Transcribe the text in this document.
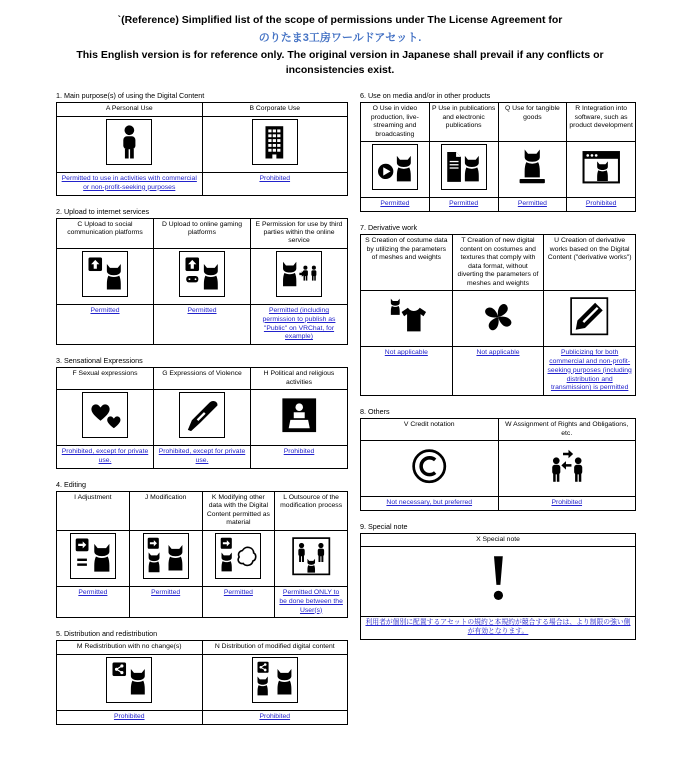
`(Reference) Simplified list of the scope of permissions under The License Agreement for
のりたま3工房ワールドアセット.
This English version is for reference only. The original version in Japanese shall prevail if any conflicts or inconsistencies exist.
1. Main purpose(s) of using the Digital Content
A Personal Use	B Corporate Use

Permitted to use in activities with commercial or non-profit-seeking purposes	Prohibited
2. Upload to internet services
C Upload to social communication platforms	D Upload to online gaming platforms	E Permission for use by third parties within the online service

Permitted	Permitted	Permitted (including permission to publish as "Public" on VRChat, for example)
3. Sensational Expressions
F Sexual expressions	G Expressions of Violence	H Political and religious activities

Prohibited, except for private use.	Prohibited, except for private use.	Prohibited
4. Editing
I Adjustment	J Modification	K Modifying other data with the Digital Content permitted as material	L Outsource of the modification process

Permitted	Permitted	Permitted	Permitted ONLY to be done between the User(s)
5. Distribution and redistribution
M Redistribution with no change(s)	N Distribution of modified digital content

Prohibited	Prohibited
6. Use on media and/or in other products
O Use in video production, live-streaming and broadcasting	P Use in publications and electronic publications	Q Use for tangible goods	R Integration into software, such as product development

Permitted	Permitted	Permitted	Prohibited
7. Derivative work
S Creation of costume data by utilizing the parameters of meshes and weights	T Creation of new digital content on costumes and textures that comply with data format, without diverting the parameters of meshes and weights	U Creation of derivative works based on the Digital Content ("derivative works")

Not applicable	Not applicable	Publicizing for both commercial and non-profit-seeking purposes (including distribution and transmission) is permitted
8. Others
V Credit notation	W Assignment of Rights and Obligations, etc.

Not necessary, but preferred	Prohibited
9. Special note
X Special note

利用者が個別に配置するアセットの規約と本規約が競合する場合は、より制限の強い側が有効となります。
